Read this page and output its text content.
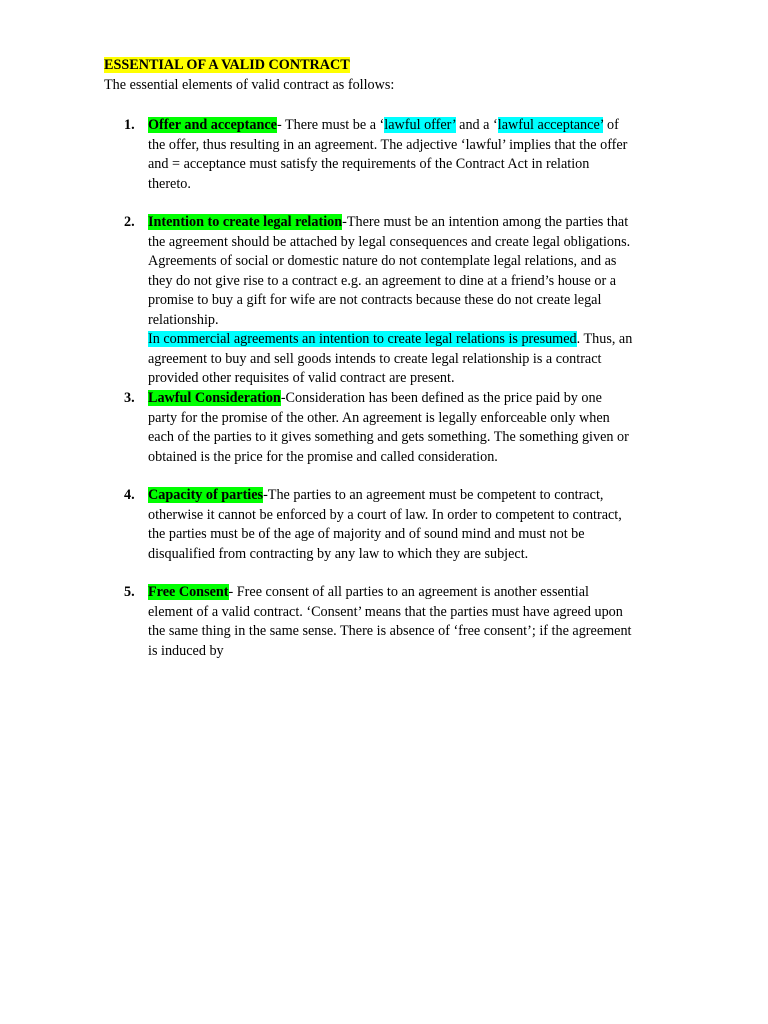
ESSENTIAL OF A VALID CONTRACT
The essential elements of valid contract as follows:
1. Offer and acceptance- There must be a ‘lawful offer’ and a ‘lawful acceptance’ of
the offer, thus resulting in an agreement. The adjective ‘lawful’ implies that the offer
and = acceptance must satisfy the requirements of the Contract Act in relation
thereto.
2. Intention to create legal relation-There must be an intention among the parties that
the agreement should be attached by legal consequences and create legal obligations.
Agreements of social or domestic nature do not contemplate legal relations, and as
they do not give rise to a contract e.g. an agreement to dine at a friend’s house or a
promise to buy a gift for wife are not contracts because these do not create legal
relationship.
In commercial agreements an intention to create legal relations is presumed. Thus, an
agreement to buy and sell goods intends to create legal relationship is a contract
provided other requisites of valid contract are present.
3. Lawful Consideration-Consideration has been defined as the price paid by one
party for the promise of the other. An agreement is legally enforceable only when
each of the parties to it gives something and gets something. The something given or
obtained is the price for the promise and called consideration.
4. Capacity of parties-The parties to an agreement must be competent to contract,
otherwise it cannot be enforced by a court of law. In order to competent to contract,
the parties must be of the age of majority and of sound mind and must not be
disqualified from contracting by any law to which they are subject.
5. Free Consent- Free consent of all parties to an agreement is another essential
element of a valid contract. ‘Consent’ means that the parties must have agreed upon
the same thing in the same sense. There is absence of ‘free consent’; if the agreement
is induced by
